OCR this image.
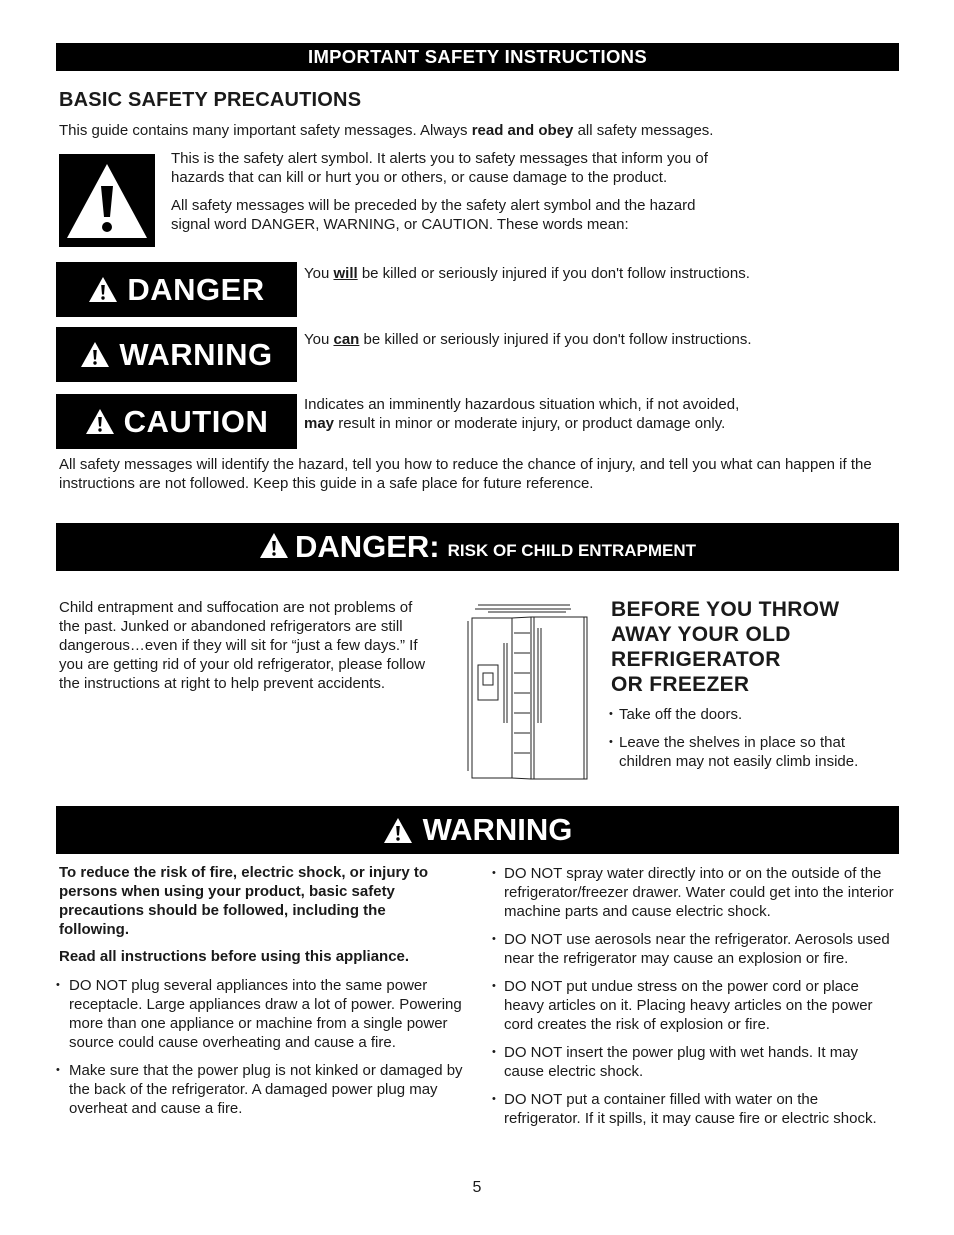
IMPORTANT SAFETY INSTRUCTIONS
BASIC SAFETY PRECAUTIONS
This guide contains many important safety messages. Always read and obey all safety messages.
This is the safety alert symbol. It alerts you to safety messages that inform you of hazards that can kill or hurt you or others, or cause damage to the product.
All safety messages will be preceded by the safety alert symbol and the hazard signal word DANGER, WARNING, or CAUTION. These words mean:
DANGER	You will be killed or seriously injured if you don't follow instructions.
WARNING You can be killed or seriously injured if you don't follow instructions.
CAUTION Indicates an imminently hazardous situation which, if not avoided,
may result in minor or moderate injury, or product damage only.
All safety messages will identify the hazard, tell you how to reduce the chance of injury, and tell you what can happen if the instructions are not followed. Keep this guide in a safe place for future reference.
DANGER: RISK OF CHILD ENTRAPMENT
Child entrapment and suffocation are not problems of the past. Junked or abandoned refrigerators are still dangerous…even if they will sit for “just a few days.” If you are getting rid of your old refrigerator, please follow the instructions at right to help prevent accidents.
BEFORE YOU THROW
AWAY YOUR OLD
REFRIGERATOR
OR FREEZER
• Take off the doors.
• Leave the shelves in place so that children may not easily climb inside.
WARNING
To reduce the risk of fire, electric shock, or injury to persons when using your product, basic safety precautions should be followed, including the following.
Read all instructions before using this appliance.
• DO NOT plug several appliances into the same power receptacle. Large appliances draw a lot of power. Powering more than one appliance or machine from a single power source could cause overheating and cause a fire.
• Make sure that the power plug is not kinked or damaged by the back of the refrigerator. A damaged power plug may overheat and cause a fire.
• DO NOT spray water directly into or on the outside of the refrigerator/freezer drawer. Water could get into the interior machine parts and cause electric shock.
• DO NOT use aerosols near the refrigerator. Aerosols used near the refrigerator may cause an explosion or fire.
• DO NOT put undue stress on the power cord or place heavy articles on it. Placing heavy articles on the power cord creates the risk of explosion or fire.
• DO NOT insert the power plug with wet hands. It may cause electric shock.
• DO NOT put a container filled with water on the refrigerator. If it spills, it may cause fire or electric shock.
5
